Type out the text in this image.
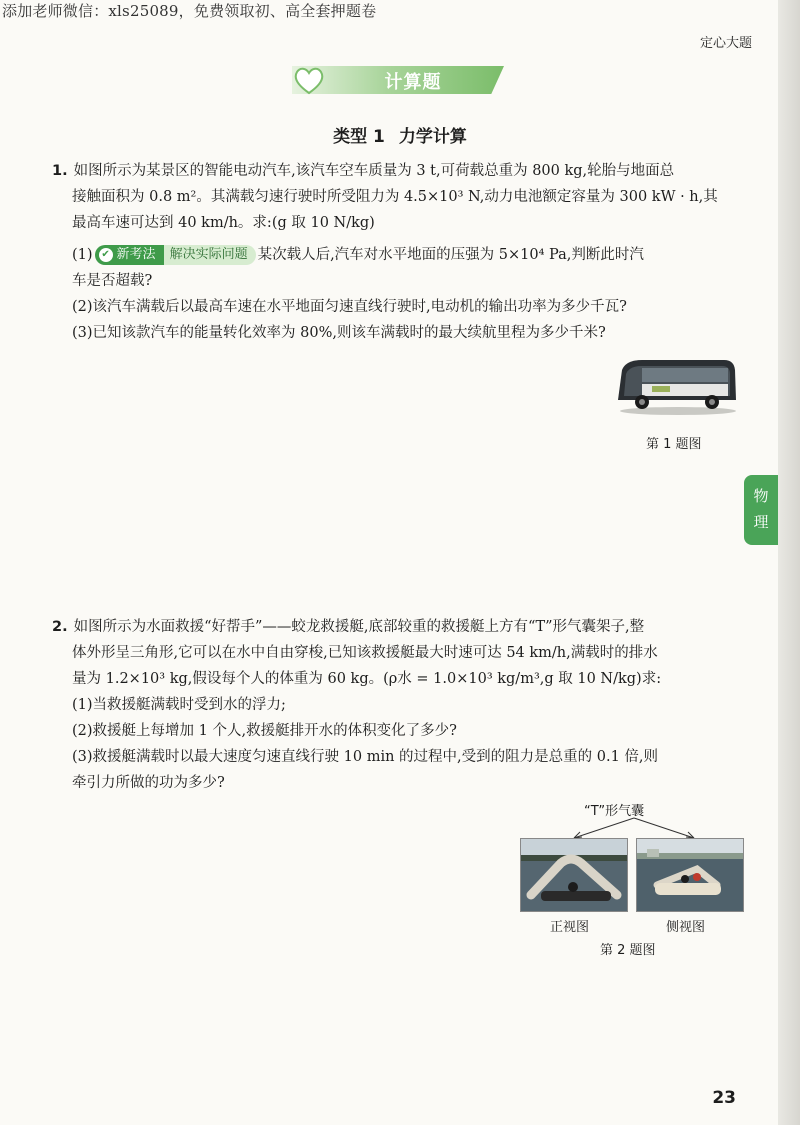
添加老师微信：xls25089，免费领取初、高全套押题卷
定心大题
计算题
类型 1 力学计算
1. 如图所示为某景区的智能电动汽车,该汽车空车质量为 3 t,可荷载总重为 800 kg,轮胎与地面总
接触面积为 0.8 m²。其满载匀速行驶时所受阻力为 4.5×10³ N,动力电池额定容量为 300 kW · h,其
最高车速可达到 40 km/h。求:(g 取 10 N/kg)
(1) ✔ 新考法 解决实际问题 某次载人后,汽车对水平地面的压强为 5×10⁴ Pa,判断此时汽
车是否超载?
(2)该汽车满载后以最高车速在水平地面匀速直线行驶时,电动机的输出功率为多少千瓦?
(3)已知该款汽车的能量转化效率为 80%,则该车满载时的最大续航里程为多少千米?
第 1 题图
物
理
2. 如图所示为水面救援“好帮手”——蛟龙救援艇,底部较重的救援艇上方有“T”形气囊架子,整
体外形呈三角形,它可以在水中自由穿梭,已知该救援艇最大时速可达 54 km/h,满载时的排水
量为 1.2×10³ kg,假设每个人的体重为 60 kg。(ρ水 = 1.0×10³ kg/m³,g 取 10 N/kg)求:
(1)当救援艇满载时受到水的浮力;
(2)救援艇上每增加 1 个人,救援艇排开水的体积变化了多少?
(3)救援艇满载时以最大速度匀速直线行驶 10 min 的过程中,受到的阻力是总重的 0.1 倍,则
牵引力所做的功为多少?
“T”形气囊
正视图	侧视图
第 2 题图
23
